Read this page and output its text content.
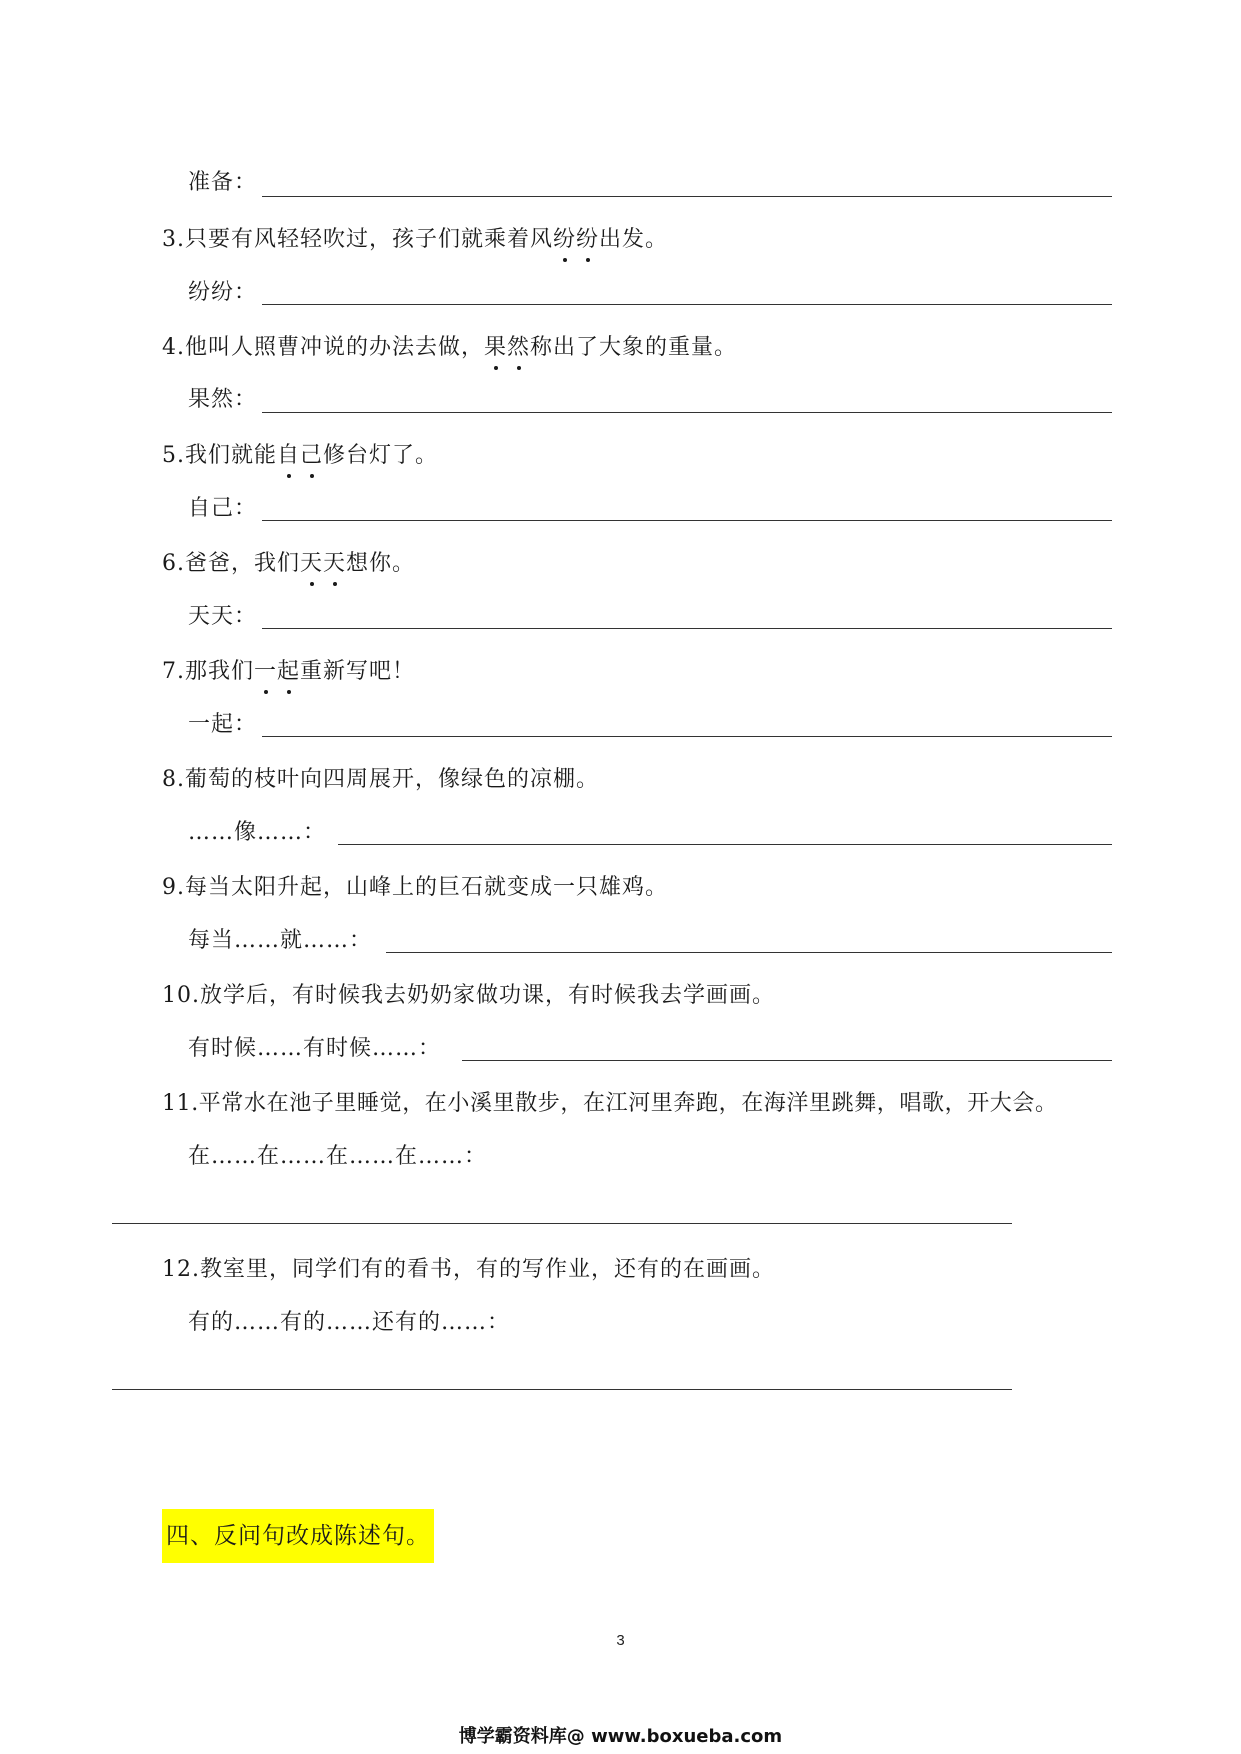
准备：
3.只要有风轻轻吹过，孩子们就乘着风纷纷出发。
纷纷：
4.他叫人照曹冲说的办法去做，果然称出了大象的重量。
果然：
5.我们就能自己修台灯了。
自己：
6.爸爸，我们天天想你。
天天：
7.那我们一起重新写吧！
一起：
8.葡萄的枝叶向四周展开，像绿色的凉棚。
……像……：
9.每当太阳升起，山峰上的巨石就变成一只雄鸡。
每当……就……：
10.放学后，有时候我去奶奶家做功课，有时候我去学画画。
有时候……有时候……：
11.平常水在池子里睡觉，在小溪里散步，在江河里奔跑，在海洋里跳舞，唱歌，开大会。
在……在……在……在……：
12.教室里，同学们有的看书，有的写作业，还有的在画画。
有的……有的……还有的……：
四、反问句改成陈述句。
3
博学霸资料库@ www.boxueba.com
